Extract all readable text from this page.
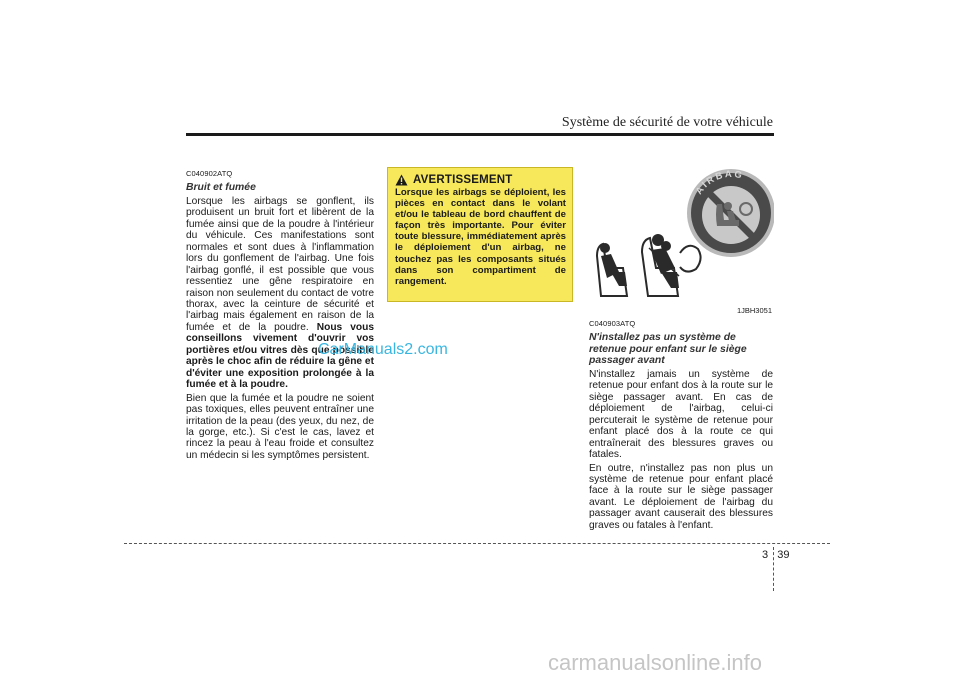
Système de sécurité de votre véhicule
C040902ATQ
Bruit et fumée

Lorsque les airbags se gonflent, ils produisent un bruit fort et libèrent de la fumée ainsi que de la poudre à l'intérieur du véhicule. Ces manifestations sont normales et sont dues à l'inflammation lors du gonflement de l'airbag. Une fois l'airbag gonflé, il est possible que vous ressentiez une gêne respiratoire en raison non seulement du contact de votre thorax, avec la ceinture de sécurité et l'airbag mais également en raison de la fumée et de la poudre. Nous vous conseillons vivement d'ouvrir vos portières et/ou vitres dès que possible après le choc afin de réduire la gêne et d'éviter une exposition prolongée à la fumée et à la poudre.

Bien que la fumée et la poudre ne soient pas toxiques, elles peuvent entraîner une irritation de la peau (des yeux, du nez, de la gorge, etc.). Si c'est le cas, lavez et rincez la peau à l'eau froide et consultez un médecin si les symptômes persistent.

AVERTISSEMENT
Lorsque les airbags se déploient, les pièces en contact dans le volant et/ou le tableau de bord chauffent de façon très importante. Pour éviter toute blessure, immédiatement après le déploiement d'un airbag, ne touchez pas les composants situés dans son compartiment de rangement.
AIRBAG
1JBH3051
C040903ATQ
N'installez pas un système de retenue pour enfant sur le siège passager avant

N'installez jamais un système de retenue pour enfant dos à la route sur le siège passager avant. En cas de déploiement de l'airbag, celui-ci percuterait le système de retenue pour enfant placé dos à la route ce qui entraînerait des blessures graves ou fatales.

En outre, n'installez pas non plus un système de retenue pour enfant placé face à la route sur le siège passager avant. Le déploiement de l'airbag du passager avant causerait des blessures graves ou fatales à l'enfant.

3 39
CarManuals2.com
carmanualsonline.info
